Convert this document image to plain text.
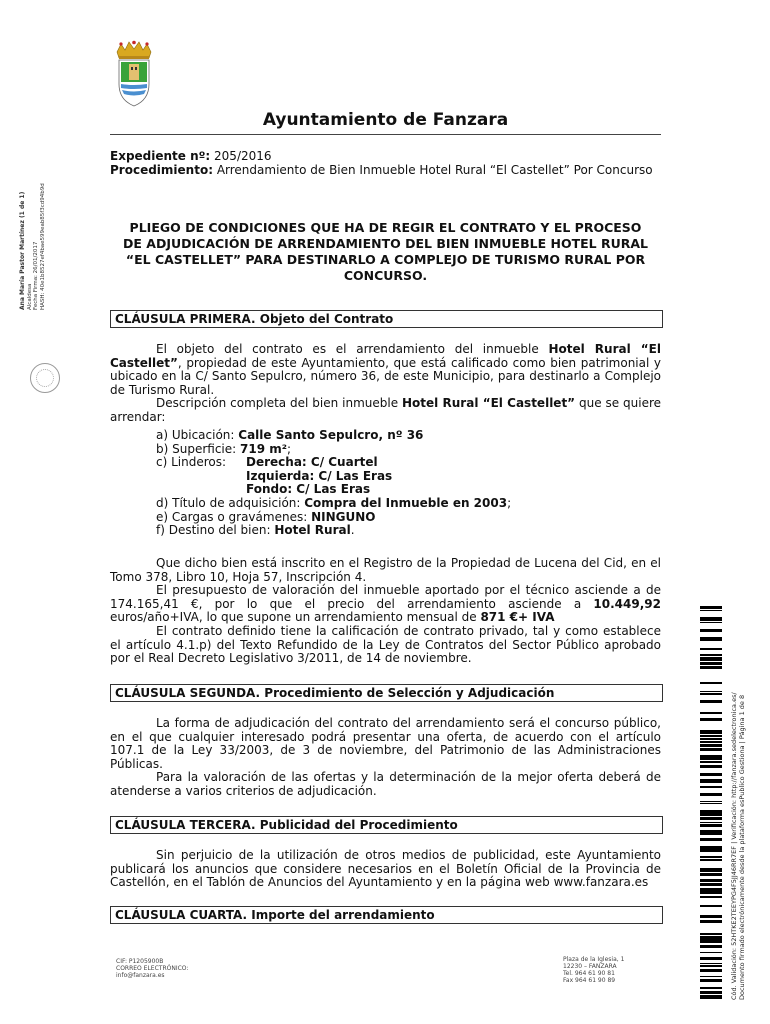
Ayuntamiento de Fanzara
Expediente nº: 205/2016
Procedimiento: Arrendamiento de Bien Inmueble Hotel Rural “El Castellet” Por Concurso
PLIEGO DE CONDICIONES QUE HA DE REGIR EL CONTRATO Y EL PROCESO DE ADJUDICACIÓN DE ARRENDAMIENTO DEL BIEN INMUEBLE HOTEL RURAL “EL CASTELLET” PARA DESTINARLO A COMPLEJO DE TURISMO RURAL POR CONCURSO.
CLÁUSULA PRIMERA. Objeto del Contrato

El objeto del contrato es el arrendamiento del inmueble Hotel Rural “El Castellet”, propiedad de este Ayuntamiento, que está calificado como bien patrimonial y ubicado en la C/ Santo Sepulcro, número 36, de este Municipio, para destinarlo a Complejo de Turismo Rural.

Descripción completa del bien inmueble Hotel Rural “El Castellet” que se quiere arrendar:

a) Ubicación: Calle Santo Sepulcro, nº 36
b) Superficie: 719 m²;
c) Linderos: Derecha: C/ Cuartel
Izquierda: C/ Las Eras
Fondo: C/ Las Eras
d) Título de adquisición: Compra del Inmueble en 2003;
e) Cargas o gravámenes: NINGUNO
f) Destino del bien: Hotel Rural.

Que dicho bien está inscrito en el Registro de la Propiedad de Lucena del Cid, en el Tomo 378, Libro 10, Hoja 57, Inscripción 4.

El presupuesto de valoración del inmueble aportado por el técnico asciende a de 174.165,41 €, por lo que el precio del arrendamiento asciende a 10.449,92 euros/año+IVA, lo que supone un arrendamiento mensual de 871 €+ IVA

El contrato definido tiene la calificación de contrato privado, tal y como establece el artículo 4.1.p) del Texto Refundido de la Ley de Contratos del Sector Público aprobado por el Real Decreto Legislativo 3/2011, de 14 de noviembre.

CLÁUSULA SEGUNDA. Procedimiento de Selección y Adjudicación

La forma de adjudicación del contrato del arrendamiento será el concurso público, en el que cualquier interesado podrá presentar una oferta, de acuerdo con el artículo 107.1 de la Ley 33/2003, de 3 de noviembre, del Patrimonio de las Administraciones Públicas.

Para la valoración de las ofertas y la determinación de la mejor oferta deberá de atenderse a varios criterios de adjudicación.

CLÁUSULA TERCERA. Publicidad del Procedimiento

Sin perjuicio de la utilización de otros medios de publicidad, este Ayuntamiento publicará los anuncios que considere necesarios en el Boletín Oficial de la Provincia de Castellón, en el Tablón de Anuncios del Ayuntamiento y en la página web www.fanzara.es

CLÁUSULA CUARTA. Importe del arrendamiento
Ana María Pastor Martínez (1 de 1) Alcaldesa Fecha Firma: 26/01/2017 HASH: 40e1b8527ef4bae599eab85f3cd94b9d
Cód. Validación: 52HTKE2TEEYPG4F5JJ46RR7EF | Verificación: http://fanzara.sedelectronica.es/ Documento firmado electrónicamente desde la plataforma esPublico Gestiona | Página 1 de 8
CIF: P1205900B
CORREO ELECTRÓNICO:
info@fanzara.es
Plaza de la Iglesia, 1
12230 – FANZARA
Tel. 964 61 90 81
Fax 964 61 90 89
